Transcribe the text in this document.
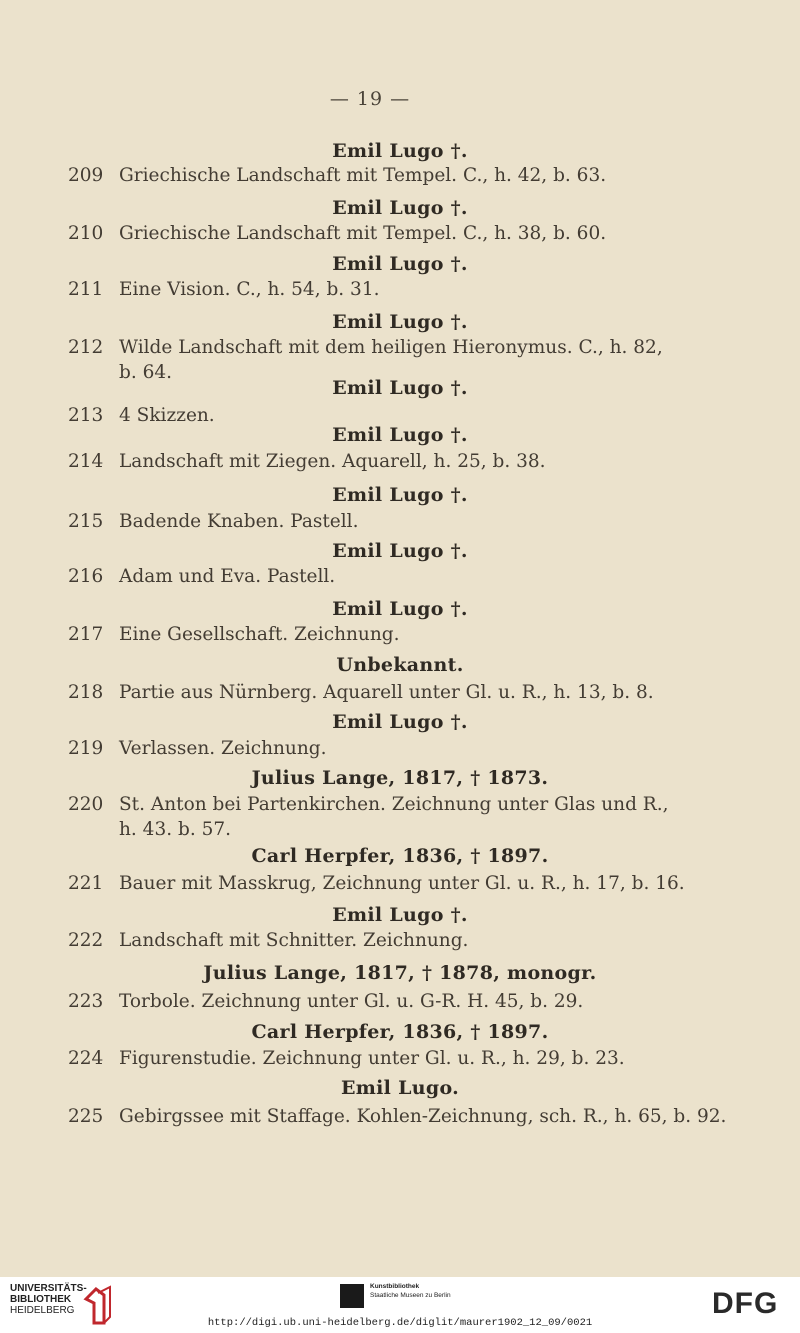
— 19 —
Emil Lugo †.
209 Griechische Landschaft mit Tempel. C., h. 42, b. 63.
Emil Lugo †.
210 Griechische Landschaft mit Tempel. C., h. 38, b. 60.
Emil Lugo †.
211 Eine Vision. C., h. 54, b. 31.
Emil Lugo †.
212 Wilde Landschaft mit dem heiligen Hieronymus. C., h. 82,
b. 64.
Emil Lugo †.
213 4 Skizzen.
Emil Lugo †.
214 Landschaft mit Ziegen. Aquarell, h. 25, b. 38.
Emil Lugo †.
215 Badende Knaben. Pastell.
Emil Lugo †.
216 Adam und Eva. Pastell.
Emil Lugo †.
217 Eine Gesellschaft. Zeichnung.
Unbekannt.
218 Partie aus Nürnberg. Aquarell unter Gl. u. R., h. 13, b. 8.
Emil Lugo †.
219 Verlassen. Zeichnung.
Julius Lange, 1817, † 1873.
220 St. Anton bei Partenkirchen. Zeichnung unter Glas und R.,
h. 43. b. 57.
Carl Herpfer, 1836, † 1897.
221 Bauer mit Masskrug, Zeichnung unter Gl. u. R., h. 17, b. 16.
Emil Lugo †.
222 Landschaft mit Schnitter. Zeichnung.
Julius Lange, 1817, † 1878, monogr.
223 Torbole. Zeichnung unter Gl. u. G-R. H. 45, b. 29.
Carl Herpfer, 1836, † 1897.
224 Figurenstudie. Zeichnung unter Gl. u. R., h. 29, b. 23.
Emil Lugo.
225 Gebirgssee mit Staffage. Kohlen-Zeichnung, sch. R., h. 65, b. 92.
UNIVERSITÄTS-
BIBLIOTHEK
HEIDELBERG
Kunstbibliothek
Staatliche Museen zu Berlin	DFG
http://digi.ub.uni-heidelberg.de/diglit/maurer1902_12_09/0021
